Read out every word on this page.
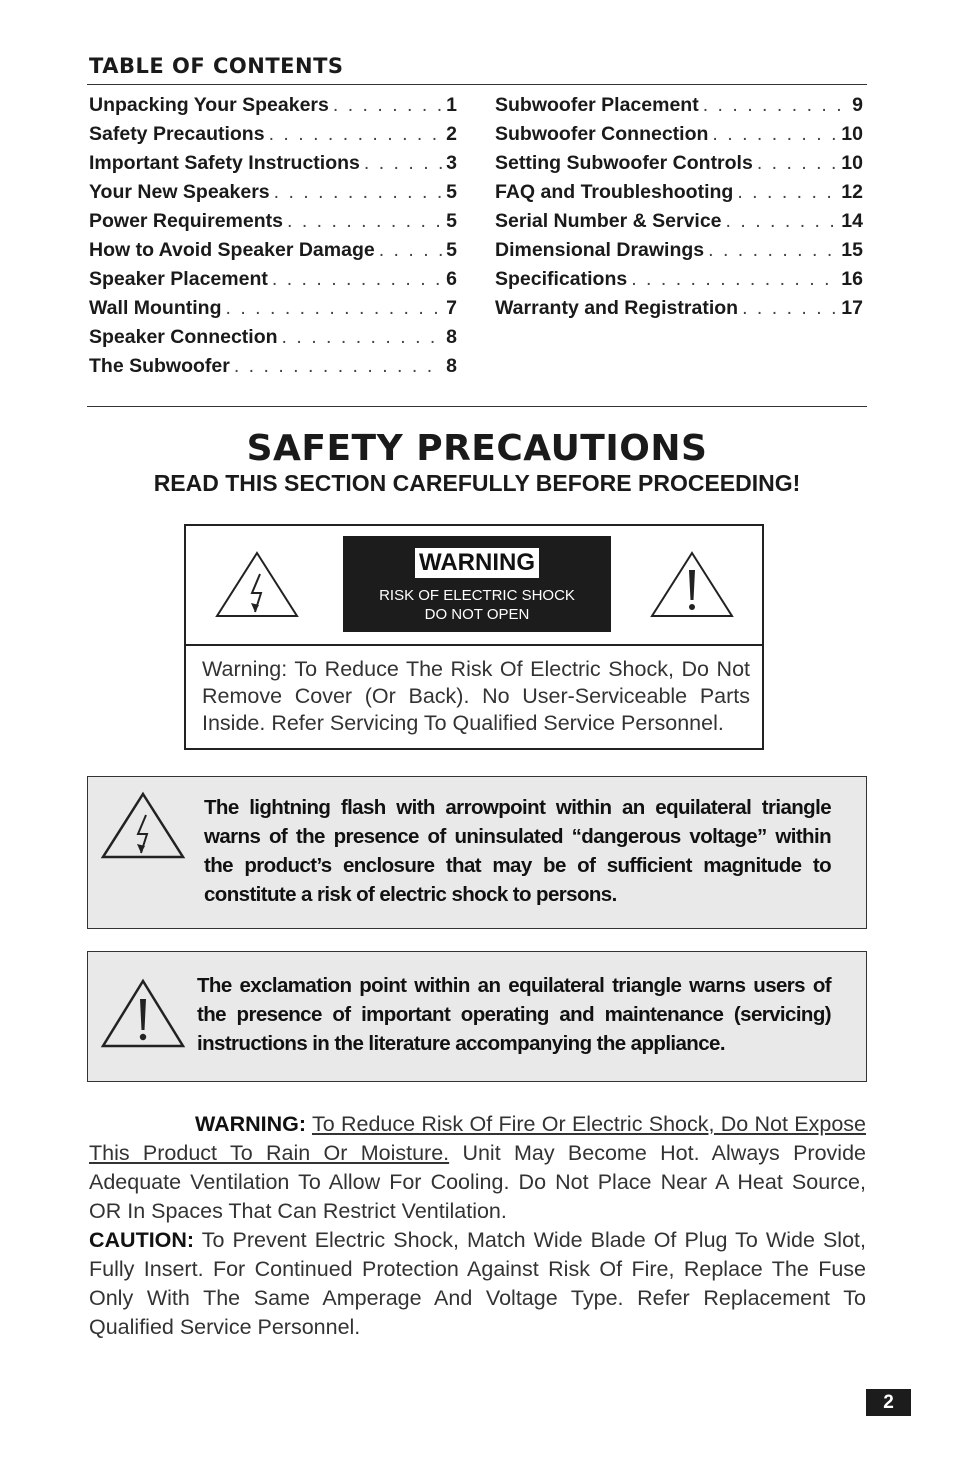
TABLE OF CONTENTS
Unpacking Your Speakers . . .	1
Safety Precautions . . .	2
Important Safety Instructions . . .	3
Your New Speakers . . .	5
Power Requirements . . .	5
How to Avoid Speaker Damage . . .	5
Speaker Placement . . .	6
Wall Mounting . . .	7
Speaker Connection . . .	8
The Subwoofer . . .	8
Subwoofer Placement . . .	9
Subwoofer Connection . . .	10
Setting Subwoofer Controls . . .	10
FAQ and Troubleshooting . . .	12
Serial Number & Service . . .	14
Dimensional Drawings . . .	15
Specifications . . .	16
Warranty and Registration . . .	17
SAFETY PRECAUTIONS
READ THIS SECTION CAREFULLY BEFORE PROCEEDING!
WARNING
RISK OF ELECTRIC SHOCK
DO NOT OPEN
Warning: To Reduce The Risk Of Electric Shock, Do Not Remove Cover (Or Back). No User-Serviceable Parts Inside. Refer Servicing To Qualified Service Personnel.
The lightning flash with arrowpoint within an equilateral triangle warns of the presence of uninsulated “dangerous voltage” within the product’s enclosure that may be of sufficient magnitude to constitute a risk of electric shock to persons.
The exclamation point within an equilateral triangle warns users of the presence of important operating and maintenance (servicing) instructions in the literature accompanying the appliance.
WARNING: To Reduce Risk Of Fire Or Electric Shock, Do Not Expose This Product To Rain Or Moisture. Unit May Become Hot. Always Provide Adequate Ventilation To Allow For Cooling. Do Not Place Near A Heat Source, OR In Spaces That Can Restrict Ventilation.
CAUTION: To Prevent Electric Shock, Match Wide Blade Of Plug To Wide Slot, Fully Insert. For Continued Protection Against Risk Of Fire, Replace The Fuse Only With The Same Amperage And Voltage Type. Refer Replacement To Qualified Service Personnel.
2
